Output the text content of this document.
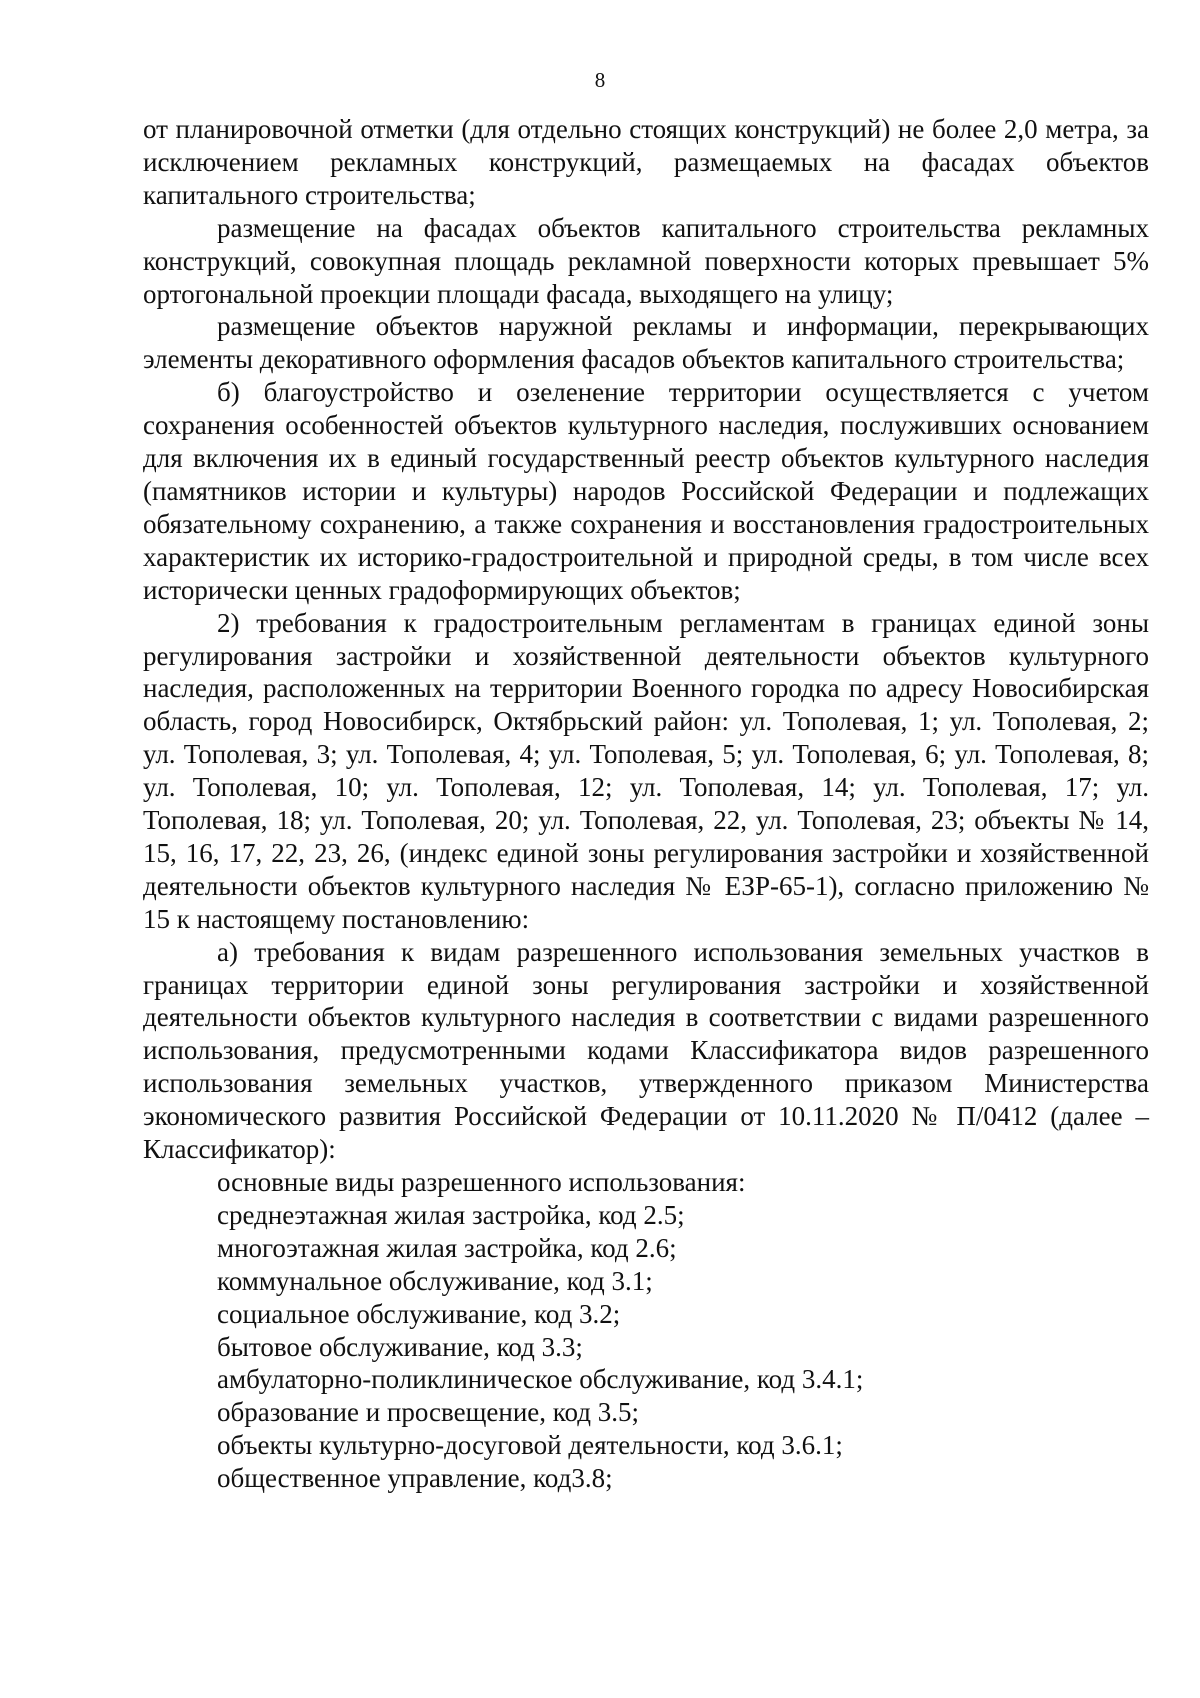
8

от планировочной отметки (для отдельно стоящих конструкций) не более 2,0 метра, за исключением рекламных конструкций, размещаемых на фасадах объектов капитального строительства;

размещение на фасадах объектов капитального строительства рекламных конструкций, совокупная площадь рекламной поверхности которых превышает 5% ортогональной проекции площади фасада, выходящего на улицу;

размещение объектов наружной рекламы и информации, перекрывающих элементы декоративного оформления фасадов объектов капитального строительства;

б) благоустройство и озеленение территории осуществляется с учетом сохранения особенностей объектов культурного наследия, послуживших основанием для включения их в единый государственный реестр объектов культурного наследия (памятников истории и культуры) народов Российской Федерации и подлежащих обязательному сохранению, а также сохранения и восстановления градостроительных характеристик их историко-градостроительной и природной среды, в том числе всех исторически ценных градоформирующих объектов;

2) требования к градостроительным регламентам в границах единой зоны регулирования застройки и хозяйственной деятельности объектов культурного наследия, расположенных на территории Военного городка по адресу Новосибирская область, город Новосибирск, Октябрьский район: ул. Тополевая, 1; ул. Тополевая, 2; ул. Тополевая, 3; ул. Тополевая, 4; ул. Тополевая, 5; ул. Тополевая, 6; ул. Тополевая, 8; ул. Тополевая, 10; ул. Тополевая, 12; ул. Тополевая, 14; ул. Тополевая, 17; ул. Тополевая, 18; ул. Тополевая, 20; ул. Тополевая, 22, ул. Тополевая, 23; объекты № 14, 15, 16, 17, 22, 23, 26, (индекс единой зоны регулирования застройки и хозяйственной деятельности объектов культурного наследия № ЕЗР-65-1), согласно приложению № 15 к настоящему постановлению:

а) требования к видам разрешенного использования земельных участков в границах территории единой зоны регулирования застройки и хозяйственной деятельности объектов культурного наследия в соответствии с видами разрешенного использования, предусмотренными кодами Классификатора видов разрешенного использования земельных участков, утвержденного приказом Министерства экономического развития Российской Федерации от 10.11.2020 № П/0412 (далее – Классификатор):

основные виды разрешенного использования:

среднеэтажная жилая застройка, код 2.5;

многоэтажная жилая застройка, код 2.6;

коммунальное обслуживание, код 3.1;

социальное обслуживание, код 3.2;

бытовое обслуживание, код 3.3;

амбулаторно-поликлиническое обслуживание, код 3.4.1;

образование и просвещение, код 3.5;

объекты культурно-досуговой деятельности, код 3.6.1;

общественное управление, код3.8;
